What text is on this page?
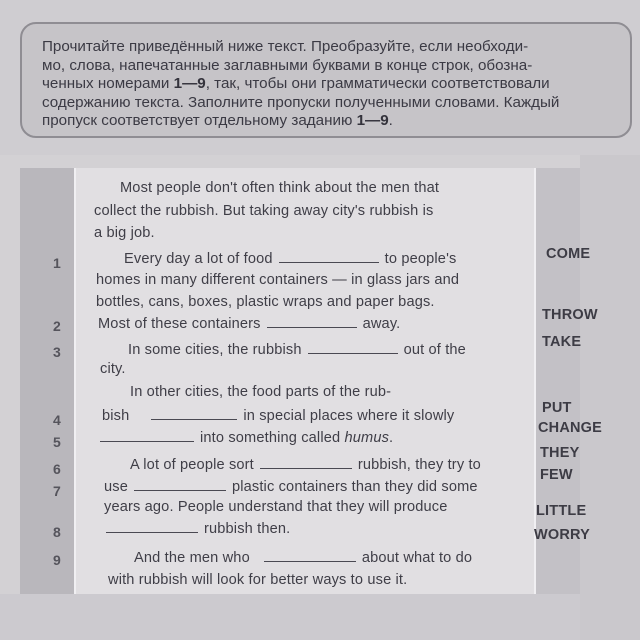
Прочитайте приведённый ниже текст. Преобразуйте, если необходи-
мо, слова, напечатанные заглавными буквами в конце строк, обозна-
ченных номерами 1—9, так, чтобы они грамматически соответствовали
содержанию текста. Заполните пропуски полученными словами. Каждый
пропуск соответствует отдельному заданию 1—9.
1
2
3
4
5
6
7
8
9
Most people don't often think about the men that
collect the rubbish. But taking away city's rubbish is
a big job.
Every day a lot of food	to people's
homes in many different containers — in glass jars and
bottles, cans, boxes, plastic wraps and paper bags.
Most of these containers	away.
In some cities, the rubbish	out of the
city.
In other cities, the food parts of the rub-
bish	in special places where it slowly
into something called humus.
A lot of people sort	rubbish, they try to
use	plastic containers than they did some
years ago. People understand that they will produce
rubbish then.
And the men who	about what to do
with rubbish will look for better ways to use it.
COME
THROW
TAKE
PUT
CHANGE
THEY
FEW
LITTLE
WORRY
